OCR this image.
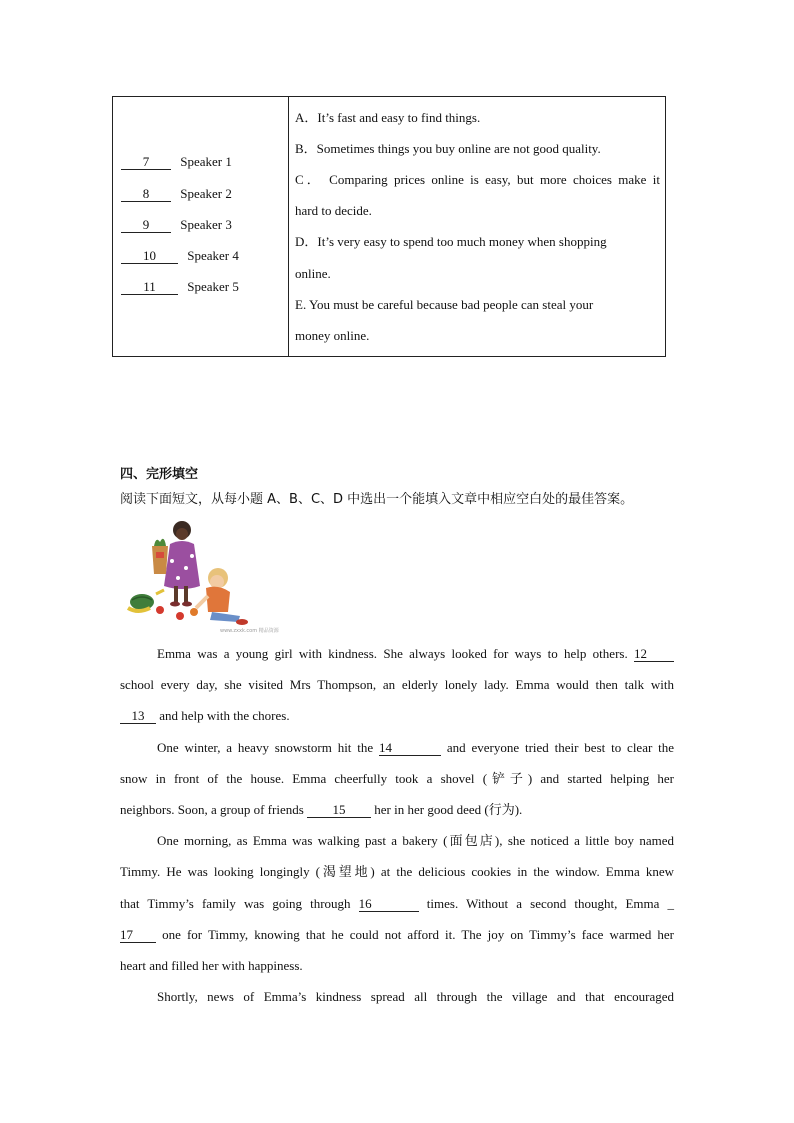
7 Speaker 1
8 Speaker 2
9 Speaker 3
10 Speaker 4
11 Speaker 5
A．It’s fast and easy to find things.
B．Sometimes things you buy online are not good quality.
C． Comparing prices online is easy, but more choices make it
hard to decide.
D．It’s very easy to spend too much money when shopping
online.
E. You must be careful because bad people can steal your
money online.
四、完形填空
阅读下面短文，从每小题 A、B、C、D 中选出一个能填入文章中相应空白处的最佳答案。
www.zxxk.com 精品资源
Emma was a young girl with kindness. She always looked for ways to help others. 12
school every day, she visited Mrs Thompson, an elderly lonely lady. Emma would then talk with
13 and help with the chores.
One winter, a heavy snowstorm hit the 14	and everyone tried their best to clear the
snow in front of the house. Emma cheerfully took a shovel (铲子) and started helping her
neighbors. Soon, a group of friends 15 her in her good deed (行为).
One morning, as Emma was walking past a bakery (面包店), she noticed a little boy named
Timmy. He was looking longingly (渴望地) at the delicious cookies in the window. Emma knew
that Timmy’s family was going through 16	times. Without a second thought, Emma _
17 one for Timmy, knowing that he could not afford it. The joy on Timmy’s face warmed her
heart and filled her with happiness.
Shortly, news of Emma’s kindness spread all through the village and that encouraged
